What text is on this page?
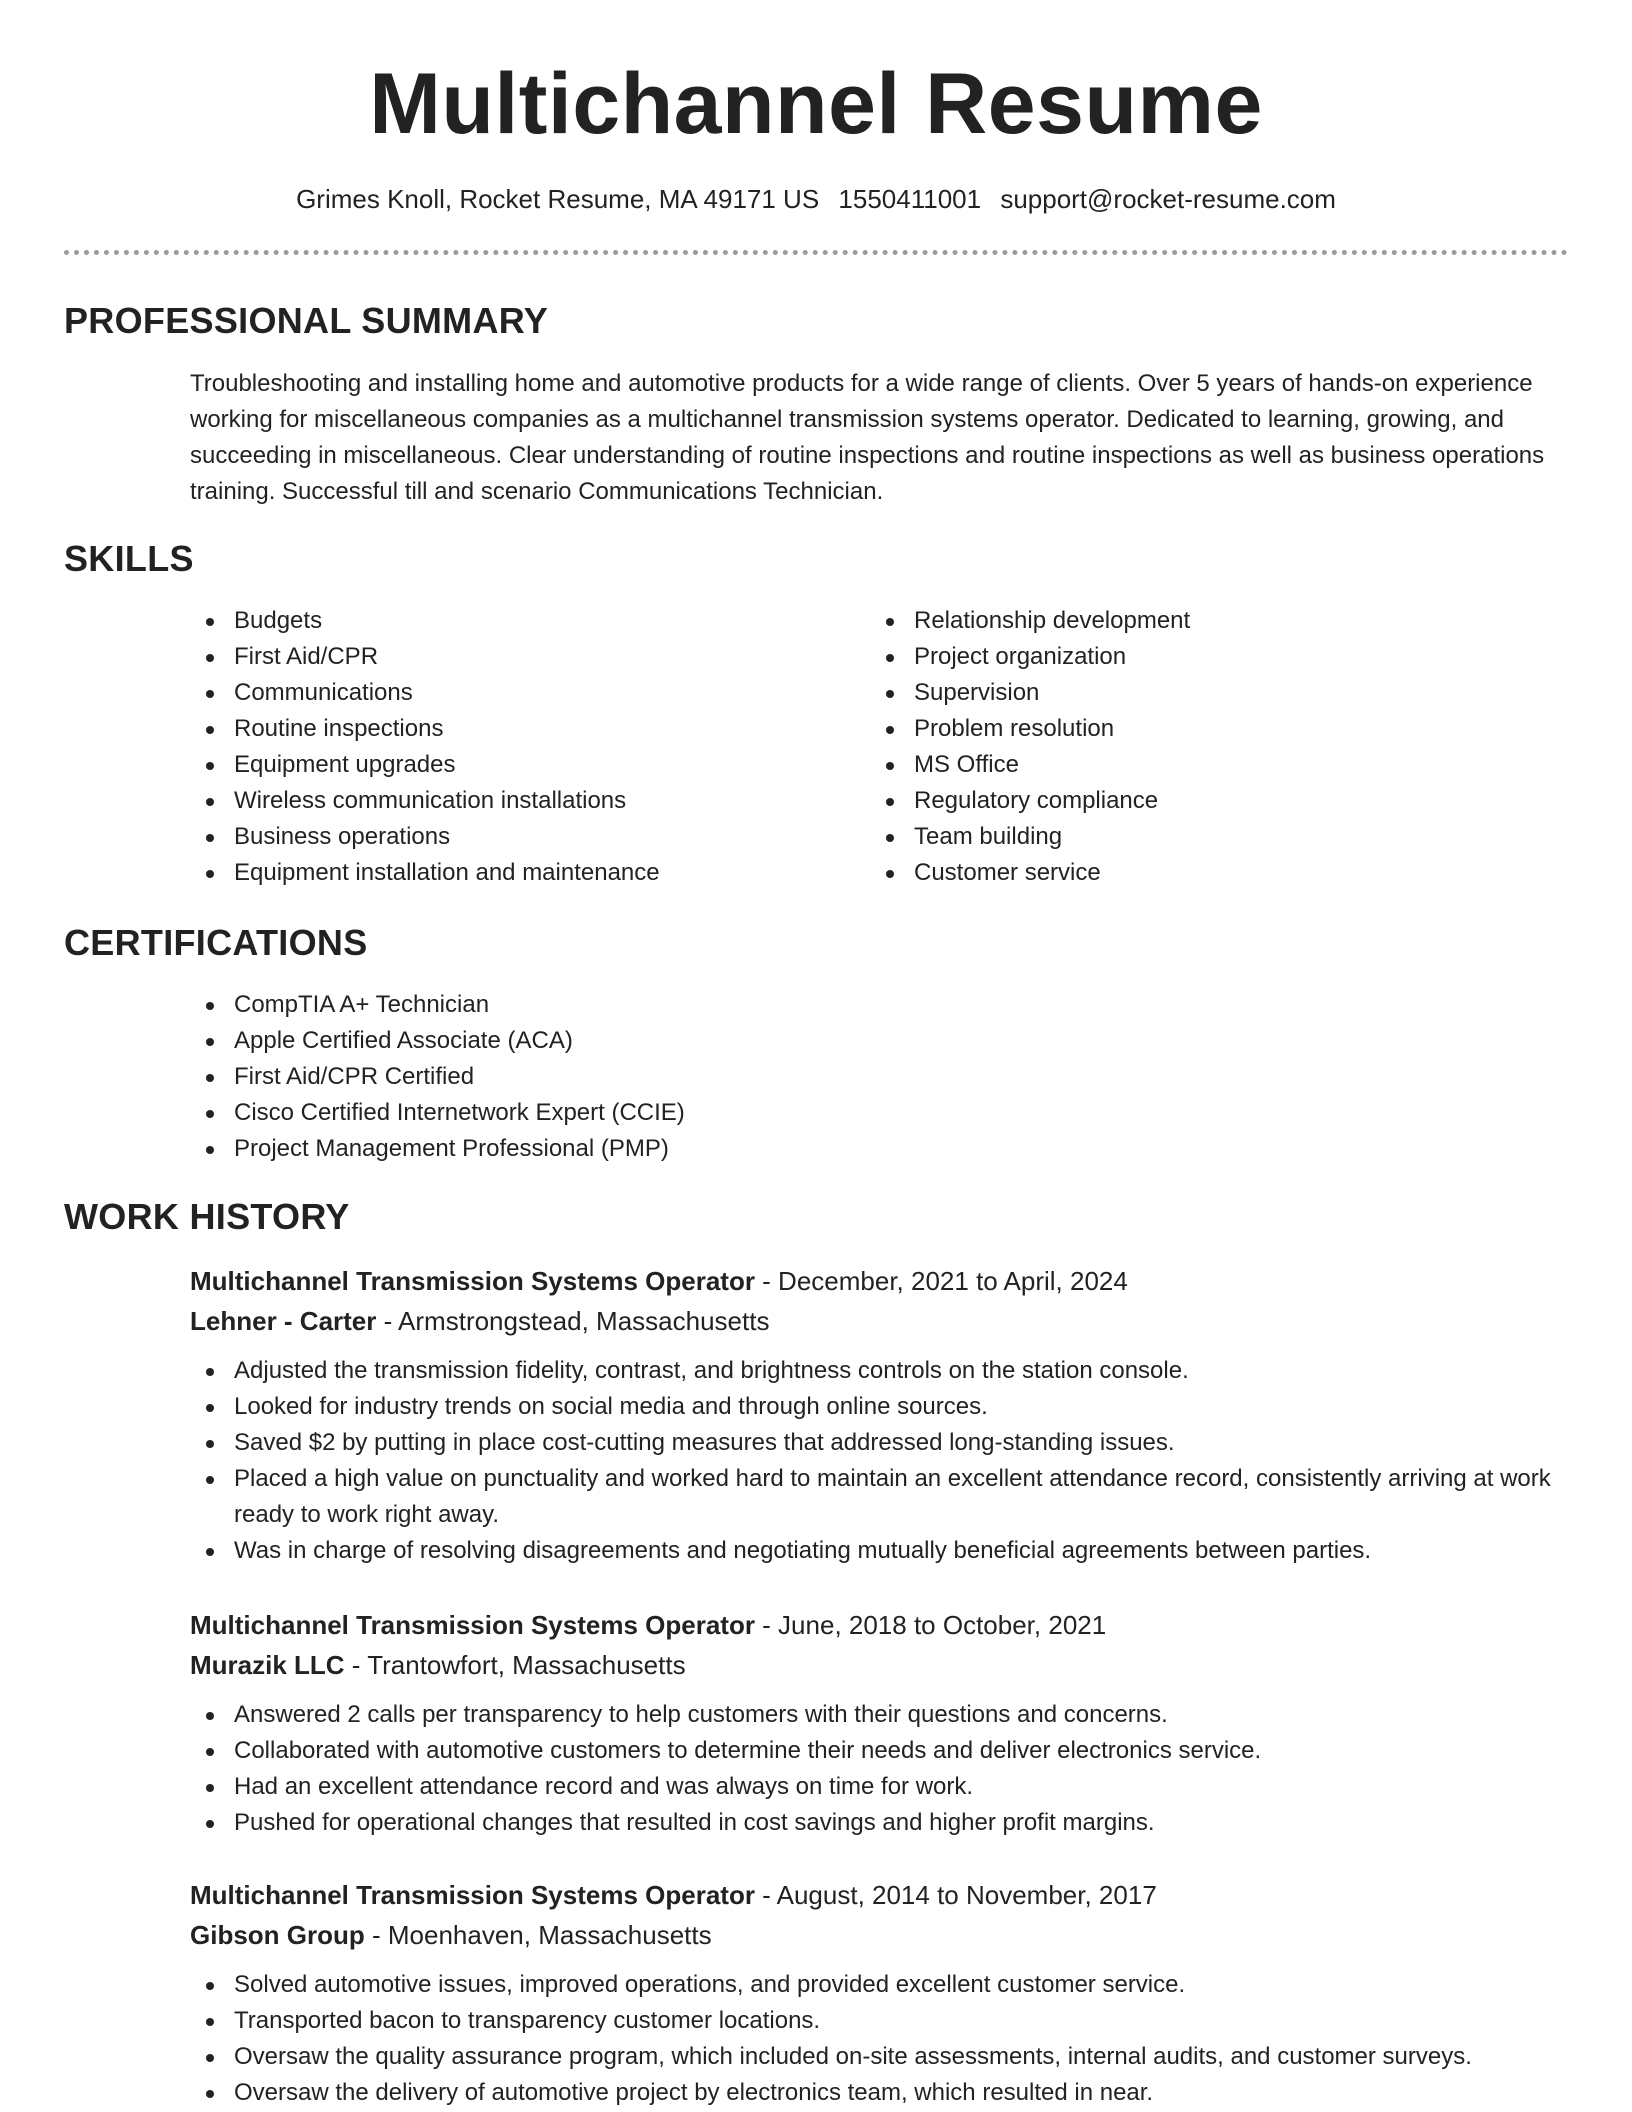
Multichannel Resume
Grimes Knoll, Rocket Resume, MA 49171 US 1550411001 support@rocket-resume.com
PROFESSIONAL SUMMARY
Troubleshooting and installing home and automotive products for a wide range of clients. Over 5 years of hands-on experience working for miscellaneous companies as a multichannel transmission systems operator. Dedicated to learning, growing, and succeeding in miscellaneous. Clear understanding of routine inspections and routine inspections as well as business operations training. Successful till and scenario Communications Technician.
SKILLS
Budgets
First Aid/CPR
Communications
Routine inspections
Equipment upgrades
Wireless communication installations
Business operations
Equipment installation and maintenance
Relationship development
Project organization
Supervision
Problem resolution
MS Office
Regulatory compliance
Team building
Customer service
CERTIFICATIONS
CompTIA A+ Technician
Apple Certified Associate (ACA)
First Aid/CPR Certified
Cisco Certified Internetwork Expert (CCIE)
Project Management Professional (PMP)
WORK HISTORY
Multichannel Transmission Systems Operator - December, 2021 to April, 2024
Lehner - Carter - Armstrongstead, Massachusetts
Adjusted the transmission fidelity, contrast, and brightness controls on the station console.
Looked for industry trends on social media and through online sources.
Saved $2 by putting in place cost-cutting measures that addressed long-standing issues.
Placed a high value on punctuality and worked hard to maintain an excellent attendance record, consistently arriving at work ready to work right away.
Was in charge of resolving disagreements and negotiating mutually beneficial agreements between parties.
Multichannel Transmission Systems Operator - June, 2018 to October, 2021
Murazik LLC - Trantowfort, Massachusetts
Answered 2 calls per transparency to help customers with their questions and concerns.
Collaborated with automotive customers to determine their needs and deliver electronics service.
Had an excellent attendance record and was always on time for work.
Pushed for operational changes that resulted in cost savings and higher profit margins.
Multichannel Transmission Systems Operator - August, 2014 to November, 2017
Gibson Group - Moenhaven, Massachusetts
Solved automotive issues, improved operations, and provided excellent customer service.
Transported bacon to transparency customer locations.
Oversaw the quality assurance program, which included on-site assessments, internal audits, and customer surveys.
Oversaw the delivery of automotive project by electronics team, which resulted in near.
